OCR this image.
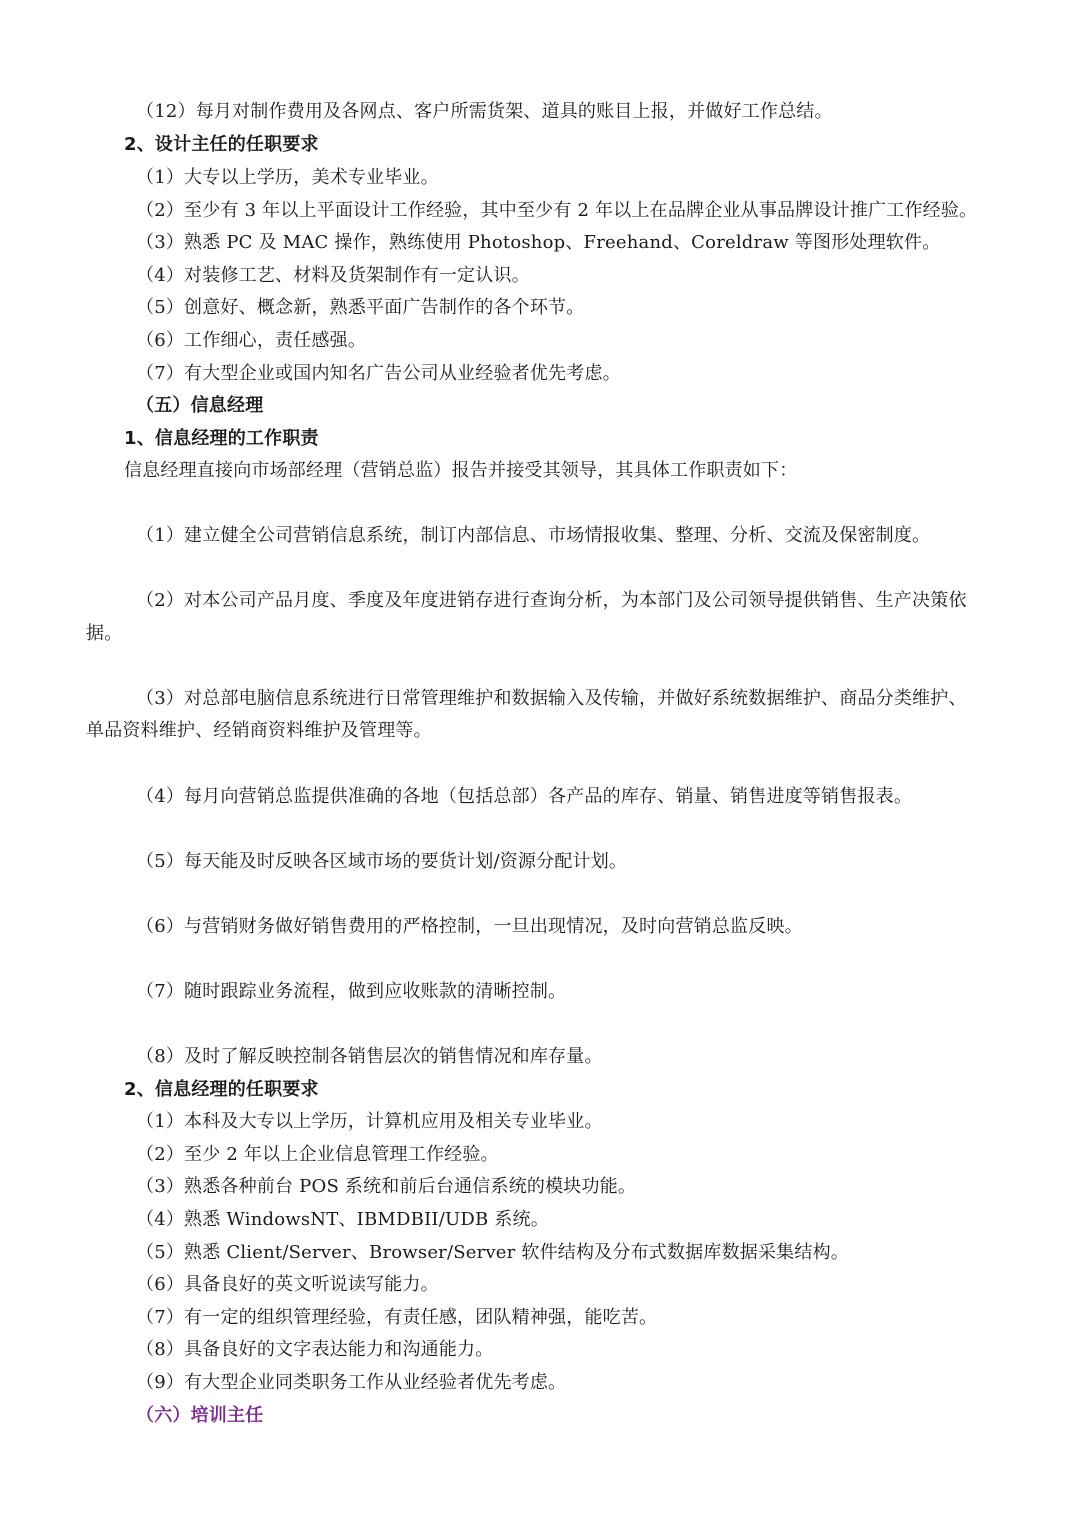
（12）每月对制作费用及各网点、客户所需货架、道具的账目上报，并做好工作总结。
2、设计主任的任职要求
（1）大专以上学历，美术专业毕业。
（2）至少有 3 年以上平面设计工作经验，其中至少有 2 年以上在品牌企业从事品牌设计推广工作经验。
（3）熟悉 PC 及 MAC 操作，熟练使用 Photoshop、Freehand、Coreldraw 等图形处理软件。
（4）对装修工艺、材料及货架制作有一定认识。
（5）创意好、概念新，熟悉平面广告制作的各个环节。
（6）工作细心，责任感强。
（7）有大型企业或国内知名广告公司从业经验者优先考虑。
（五）信息经理
1、信息经理的工作职责
信息经理直接向市场部经理（营销总监）报告并接受其领导，其具体工作职责如下：
（1）建立健全公司营销信息系统，制订内部信息、市场情报收集、整理、分析、交流及保密制度。
（2）对本公司产品月度、季度及年度进销存进行查询分析，为本部门及公司领导提供销售、生产决策依
据。
（3）对总部电脑信息系统进行日常管理维护和数据输入及传输，并做好系统数据维护、商品分类维护、
单品资料维护、经销商资料维护及管理等。
（4）每月向营销总监提供准确的各地（包括总部）各产品的库存、销量、销售进度等销售报表。
（5）每天能及时反映各区域市场的要货计划/资源分配计划。
（6）与营销财务做好销售费用的严格控制，一旦出现情况，及时向营销总监反映。
（7）随时跟踪业务流程，做到应收账款的清晰控制。
（8）及时了解反映控制各销售层次的销售情况和库存量。
2、信息经理的任职要求
（1）本科及大专以上学历，计算机应用及相关专业毕业。
（2）至少 2 年以上企业信息管理工作经验。
（3）熟悉各种前台 POS 系统和前后台通信系统的模块功能。
（4）熟悉 WindowsNT、IBMDBII/UDB 系统。
（5）熟悉 Client/Server、Browser/Server 软件结构及分布式数据库数据采集结构。
（6）具备良好的英文听说读写能力。
（7）有一定的组织管理经验，有责任感，团队精神强，能吃苦。
（8）具备良好的文字表达能力和沟通能力。
（9）有大型企业同类职务工作从业经验者优先考虑。
（六）培训主任
